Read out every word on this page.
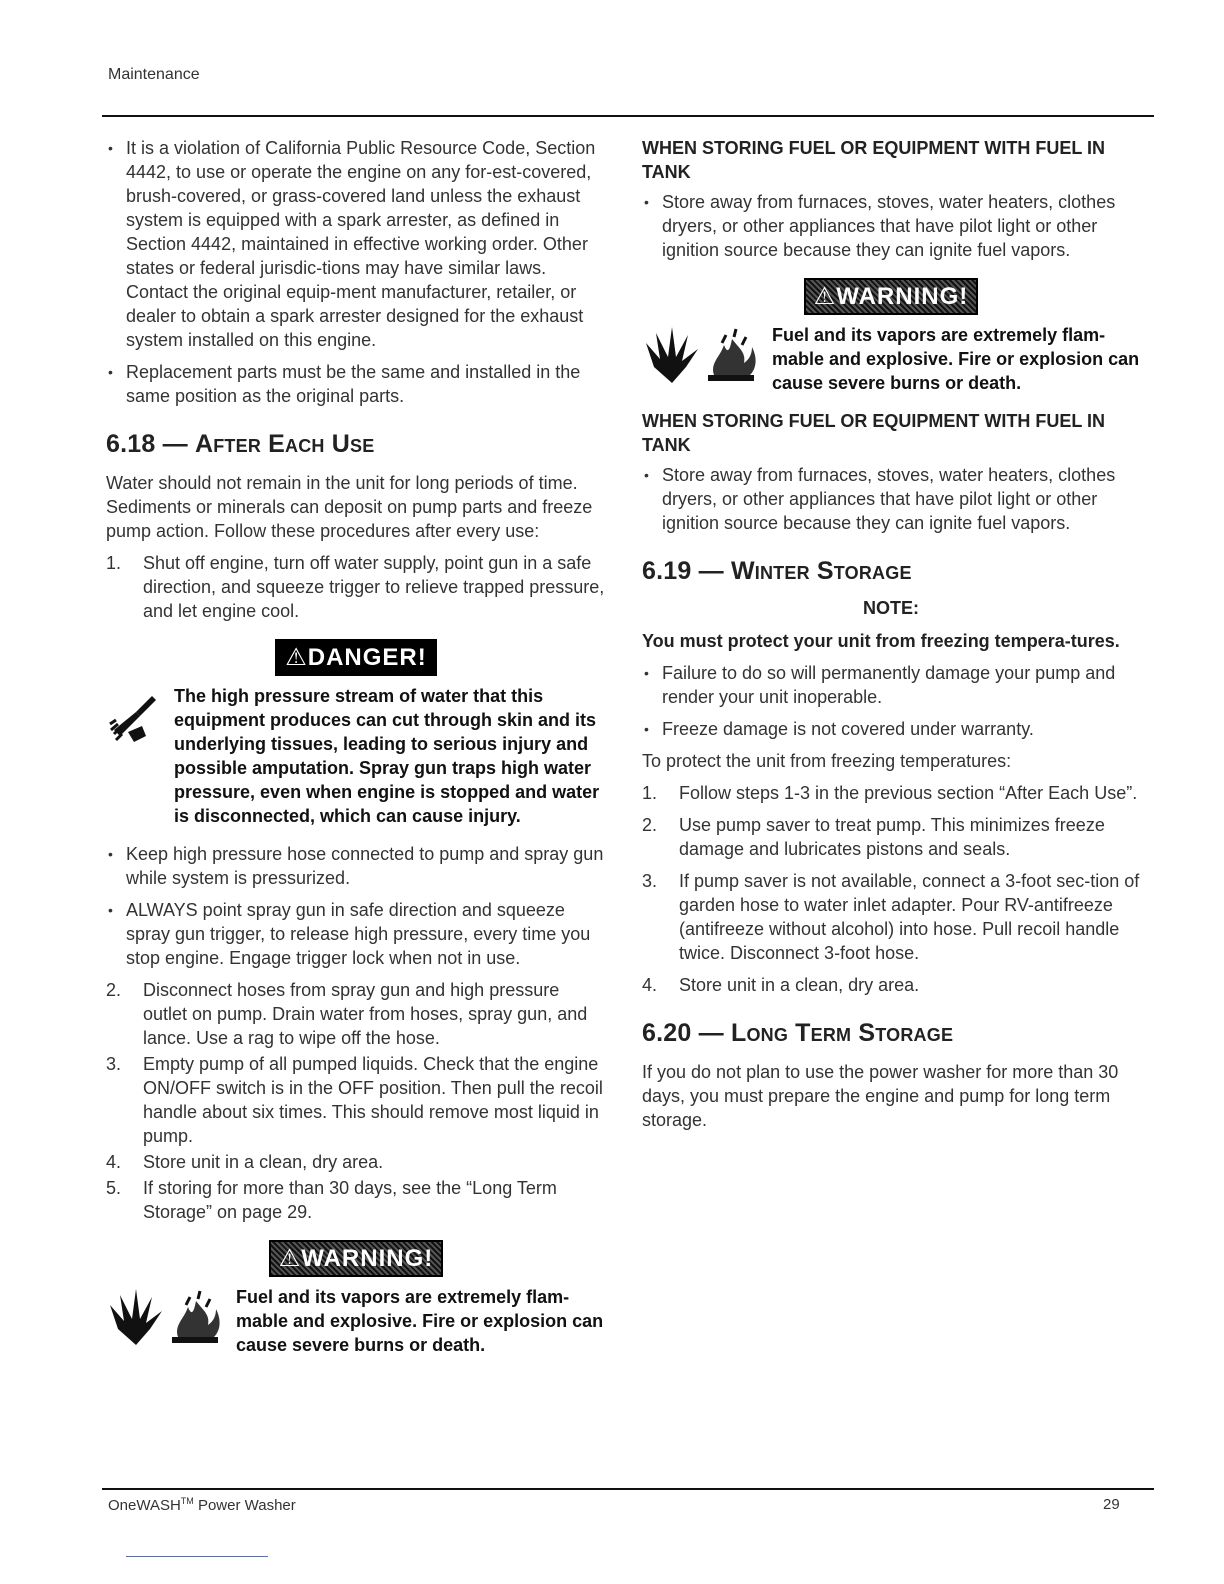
Maintenance
• It is a violation of California Public Resource Code, Section 4442, to use or operate the engine on any for-est-covered, brush-covered, or grass-covered land unless the exhaust system is equipped with a spark arrester, as defined in Section 4442, maintained in effective working order. Other states or federal jurisdic-tions may have similar laws. Contact the original equip-ment manufacturer, retailer, or dealer to obtain a spark arrester designed for the exhaust system installed on this engine.
• Replacement parts must be the same and installed in the same position as the original parts.
6.18 — After Each Use

Water should not remain in the unit for long periods of time. Sediments or minerals can deposit on pump parts and freeze pump action. Follow these procedures after every use:

1. Shut off engine, turn off water supply, point gun in a safe direction, and squeeze trigger to relieve trapped pressure, and let engine cool.
⚠DANGER!
The high pressure stream of water that this equipment produces can cut through skin and its underlying tissues, leading to serious injury and possible amputation. Spray gun traps high water pressure, even when engine is stopped and water is disconnected, which can cause injury.
• Keep high pressure hose connected to pump and spray gun while system is pressurized.
• ALWAYS point spray gun in safe direction and squeeze spray gun trigger, to release high pressure, every time you stop engine. Engage trigger lock when not in use.
2. Disconnect hoses from spray gun and high pressure outlet on pump. Drain water from hoses, spray gun, and lance. Use a rag to wipe off the hose.
3. Empty pump of all pumped liquids. Check that the engine ON/OFF switch is in the OFF position. Then pull the recoil handle about six times. This should remove most liquid in pump.
4. Store unit in a clean, dry area.
5. If storing for more than 30 days, see the “Long Term Storage” on page 29.
⚠WARNING!
Fuel and its vapors are extremely flam-mable and explosive. Fire or explosion can cause severe burns or death.
WHEN STORING FUEL OR EQUIPMENT WITH FUEL IN TANK
• Store away from furnaces, stoves, water heaters, clothes dryers, or other appliances that have pilot light or other ignition source because they can ignite fuel vapors.
⚠WARNING!
Fuel and its vapors are extremely flam-mable and explosive. Fire or explosion can cause severe burns or death.
WHEN STORING FUEL OR EQUIPMENT WITH FUEL IN TANK
• Store away from furnaces, stoves, water heaters, clothes dryers, or other appliances that have pilot light or other ignition source because they can ignite fuel vapors.
6.19 — Winter Storage
NOTE:
You must protect your unit from freezing tempera-tures.
• Failure to do so will permanently damage your pump and render your unit inoperable.
• Freeze damage is not covered under warranty.

To protect the unit from freezing temperatures:

1. Follow steps 1-3 in the previous section “After Each Use”.
2. Use pump saver to treat pump. This minimizes freeze damage and lubricates pistons and seals.
3. If pump saver is not available, connect a 3-foot sec-tion of garden hose to water inlet adapter. Pour RV-antifreeze (antifreeze without alcohol) into hose. Pull recoil handle twice. Disconnect 3-foot hose.
4. Store unit in a clean, dry area.
6.20 — Long Term Storage

If you do not plan to use the power washer for more than 30 days, you must prepare the engine and pump for long term storage.

OneWASH™ Power Washer	29
